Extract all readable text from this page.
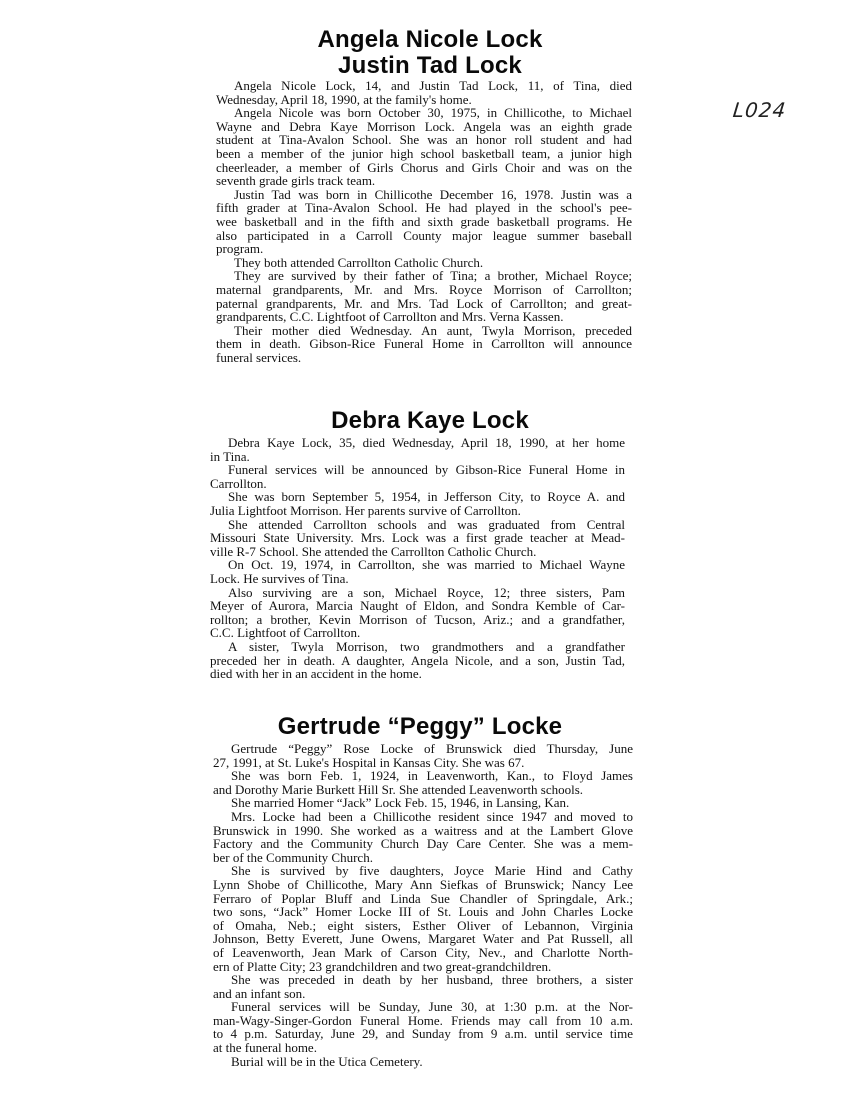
L024
Angela Nicole Lock
Justin Tad Lock
Angela Nicole Lock, 14, and Justin Tad Lock, 11, of Tina, died
Wednesday, April 18, 1990, at the family's home.
Angela Nicole was born October 30, 1975, in Chillicothe, to Michael
Wayne and Debra Kaye Morrison Lock. Angela was an eighth grade
student at Tina-Avalon School. She was an honor roll student and had
been a member of the junior high school basketball team, a junior high
cheerleader, a member of Girls Chorus and Girls Choir and was on the
seventh grade girls track team.
Justin Tad was born in Chillicothe December 16, 1978. Justin was a
fifth grader at Tina-Avalon School. He had played in the school's pee-
wee basketball and in the fifth and sixth grade basketball programs. He
also participated in a Carroll County major league summer baseball
program.
They both attended Carrollton Catholic Church.
They are survived by their father of Tina; a brother, Michael Royce;
maternal grandparents, Mr. and Mrs. Royce Morrison of Carrollton;
paternal grandparents, Mr. and Mrs. Tad Lock of Carrollton; and great-
grandparents, C.C. Lightfoot of Carrollton and Mrs. Verna Kassen.
Their mother died Wednesday. An aunt, Twyla Morrison, preceded
them in death. Gibson-Rice Funeral Home in Carrollton will announce
funeral services.
Debra Kaye Lock
Debra Kaye Lock, 35, died Wednesday, April 18, 1990, at her home
in Tina.
Funeral services will be announced by Gibson-Rice Funeral Home in
Carrollton.
She was born September 5, 1954, in Jefferson City, to Royce A. and
Julia Lightfoot Morrison. Her parents survive of Carrollton.
She attended Carrollton schools and was graduated from Central
Missouri State University. Mrs. Lock was a first grade teacher at Mead-
ville R-7 School. She attended the Carrollton Catholic Church.
On Oct. 19, 1974, in Carrollton, she was married to Michael Wayne
Lock. He survives of Tina.
Also surviving are a son, Michael Royce, 12; three sisters, Pam
Meyer of Aurora, Marcia Naught of Eldon, and Sondra Kemble of Car-
rollton; a brother, Kevin Morrison of Tucson, Ariz.; and a grandfather,
C.C. Lightfoot of Carrollton.
A sister, Twyla Morrison, two grandmothers and a grandfather
preceded her in death. A daughter, Angela Nicole, and a son, Justin Tad,
died with her in an accident in the home.
Gertrude “Peggy” Locke
Gertrude “Peggy” Rose Locke of Brunswick died Thursday, June
27, 1991, at St. Luke's Hospital in Kansas City. She was 67.
She was born Feb. 1, 1924, in Leavenworth, Kan., to Floyd James
and Dorothy Marie Burkett Hill Sr. She attended Leavenworth schools.
She married Homer “Jack” Lock Feb. 15, 1946, in Lansing, Kan.
Mrs. Locke had been a Chillicothe resident since 1947 and moved to
Brunswick in 1990. She worked as a waitress and at the Lambert Glove
Factory and the Community Church Day Care Center. She was a mem-
ber of the Community Church.
She is survived by five daughters, Joyce Marie Hind and Cathy
Lynn Shobe of Chillicothe, Mary Ann Siefkas of Brunswick; Nancy Lee
Ferraro of Poplar Bluff and Linda Sue Chandler of Springdale, Ark.;
two sons, “Jack” Homer Locke III of St. Louis and John Charles Locke
of Omaha, Neb.; eight sisters, Esther Oliver of Lebannon, Virginia
Johnson, Betty Everett, June Owens, Margaret Water and Pat Russell, all
of Leavenworth, Jean Mark of Carson City, Nev., and Charlotte North-
ern of Platte City; 23 grandchildren and two great-grandchildren.
She was preceded in death by her husband, three brothers, a sister
and an infant son.
Funeral services will be Sunday, June 30, at 1:30 p.m. at the Nor-
man-Wagy-Singer-Gordon Funeral Home. Friends may call from 10 a.m.
to 4 p.m. Saturday, June 29, and Sunday from 9 a.m. until service time
at the funeral home.
Burial will be in the Utica Cemetery.
